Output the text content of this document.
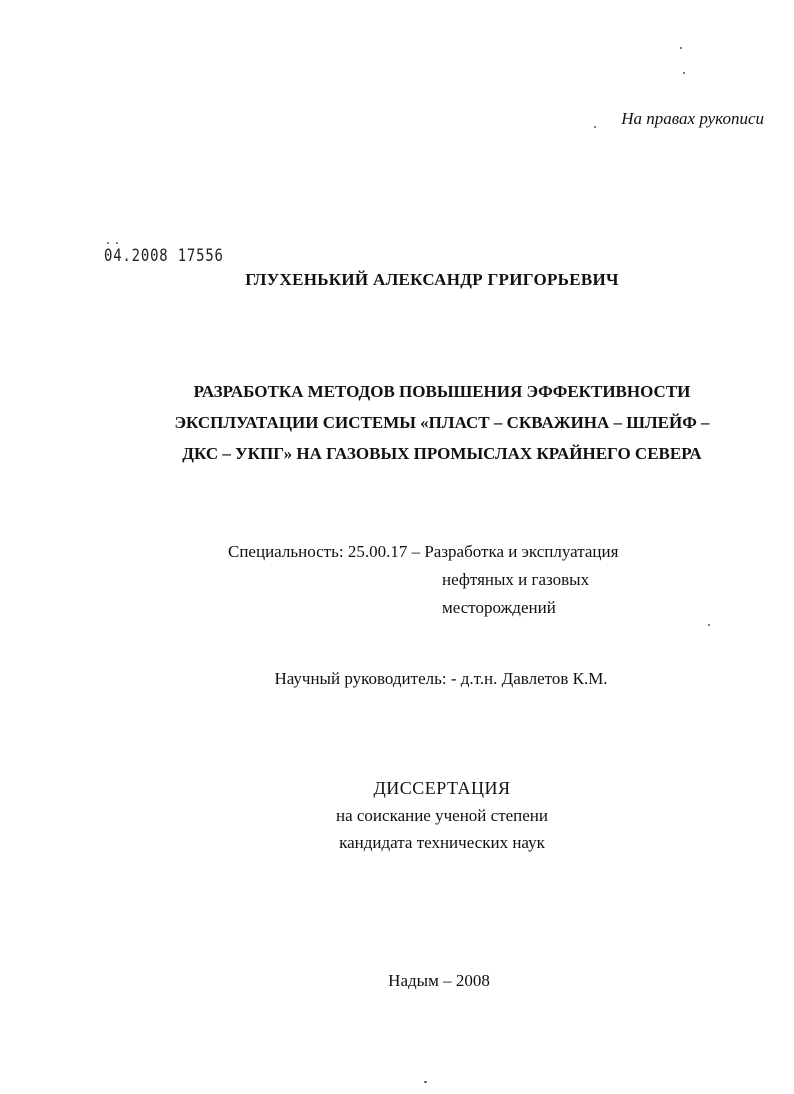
На правах рукописи
04.2008 17556
ГЛУХЕНЬКИЙ АЛЕКСАНДР ГРИГОРЬЕВИЧ
РАЗРАБОТКА МЕТОДОВ ПОВЫШЕНИЯ ЭФФЕКТИВНОСТИ
ЭКСПЛУАТАЦИИ СИСТЕМЫ «ПЛАСТ – СКВАЖИНА – ШЛЕЙФ –
ДКС – УКПГ» НА ГАЗОВЫХ ПРОМЫСЛАХ КРАЙНЕГО СЕВЕРА
Специальность: 25.00.17 – Разработка и эксплуатация
нефтяных и газовых
месторождений
Научный руководитель: - д.т.н. Давлетов К.М.
ДИССЕРТАЦИЯ
на соискание ученой степени
кандидата технических наук
Надым – 2008
